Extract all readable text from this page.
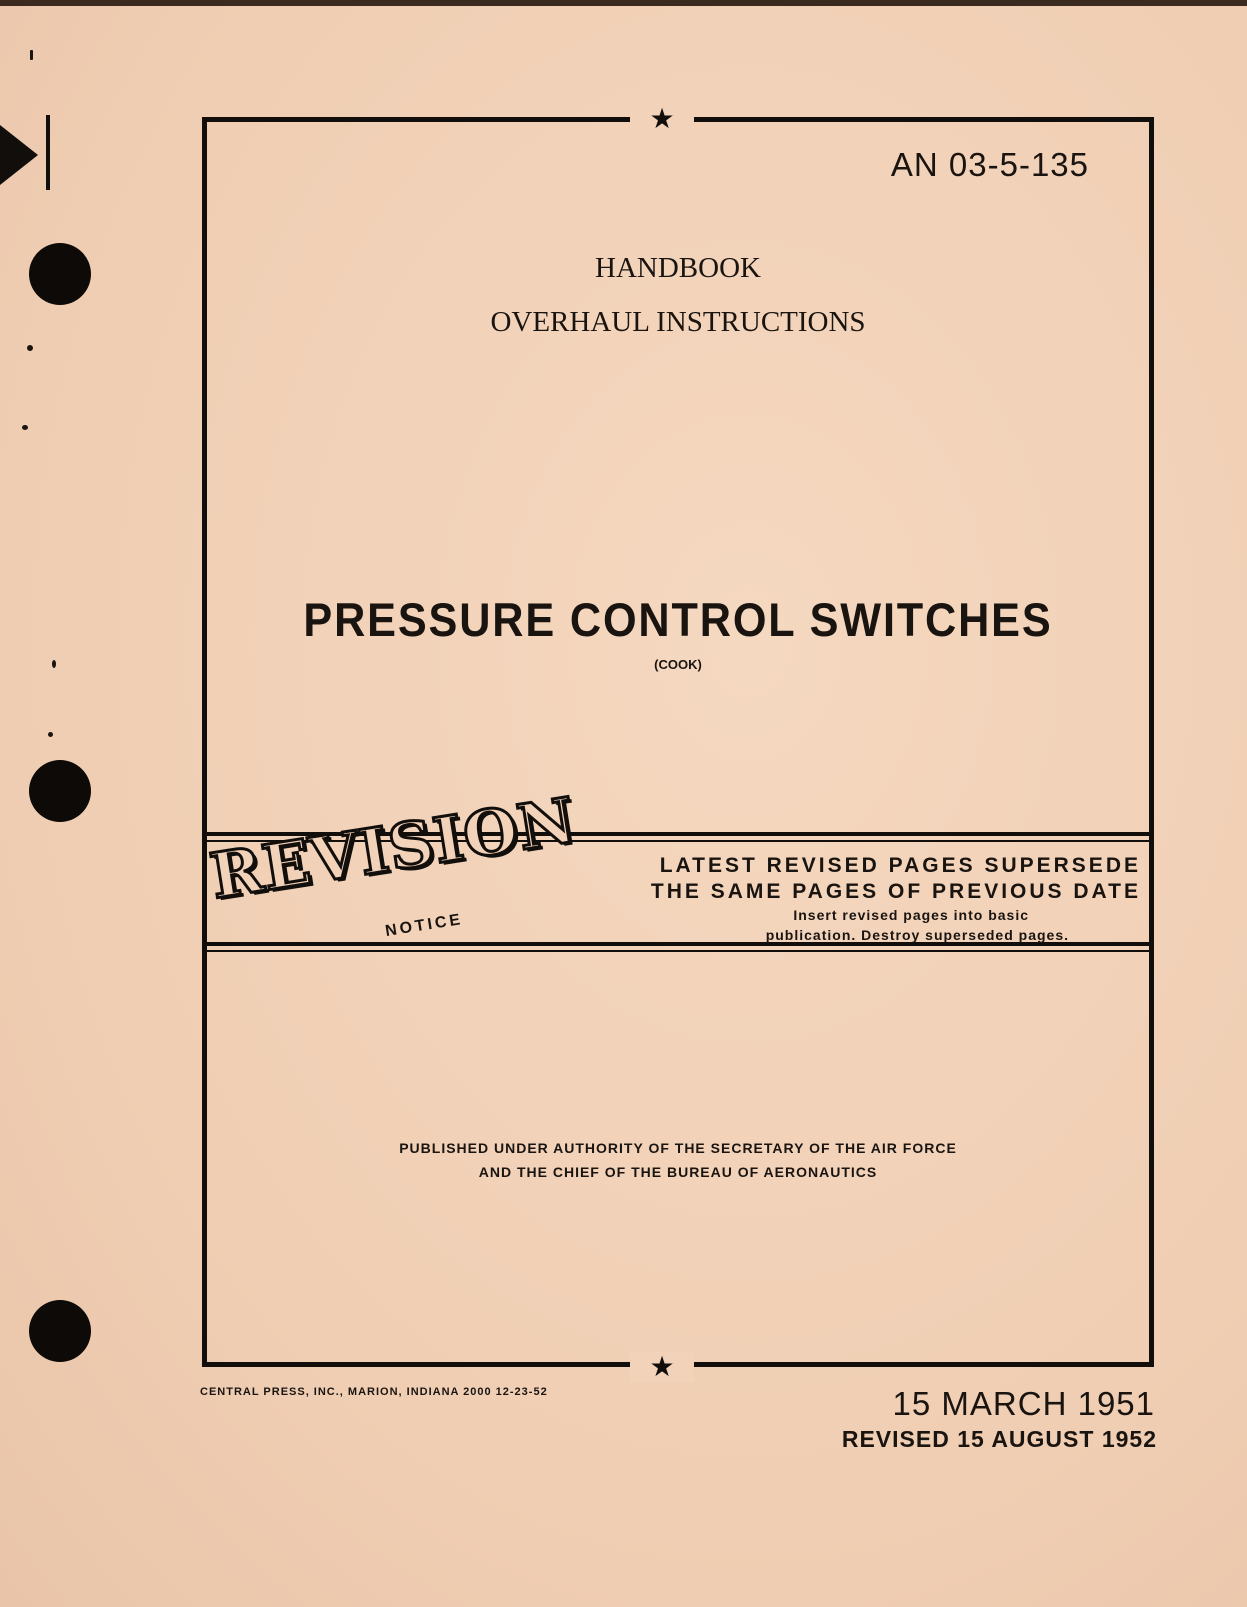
★
★
AN 03-5-135
HANDBOOK
OVERHAUL INSTRUCTIONS
PRESSURE CONTROL SWITCHES
(COOK)
REVISION
NOTICE
LATEST REVISED PAGES SUPERSEDE
THE SAME PAGES OF PREVIOUS DATE
Insert revised pages into basic
publication. Destroy superseded pages.
PUBLISHED UNDER AUTHORITY OF THE SECRETARY OF THE AIR FORCE
AND THE CHIEF OF THE BUREAU OF AERONAUTICS
CENTRAL PRESS, INC., MARION, INDIANA 2000 12-23-52	15 MARCH 1951
REVISED 15 AUGUST 1952
